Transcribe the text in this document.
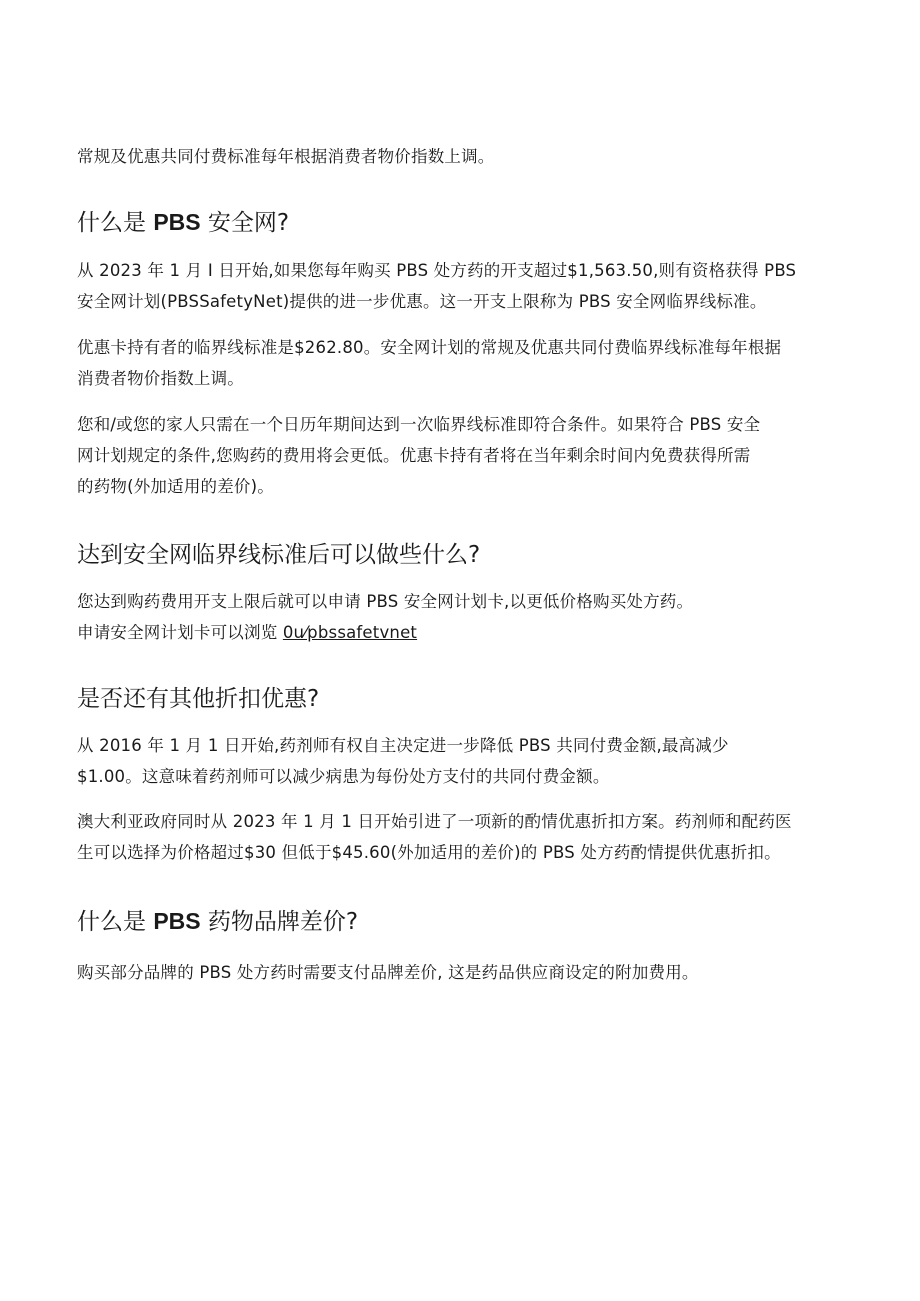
常规及优惠共同付费标准每年根据消费者物价指数上调。

什么是 PBS 安全网?

从 2023 年 1 月 I 日开始,如果您每年购买 PBS 处方药的开支超过$1,563.50,则有资格获得 PBS
安全网计划(PBSSafetyNet)提供的进一步优惠。这一开支上限称为 PBS 安全网临界线标准。

优惠卡持有者的临界线标准是$262.80。安全网计划的常规及优惠共同付费临界线标准每年根据
消费者物价指数上调。

您和/或您的家人只需在一个日历年期间达到一次临界线标准即符合条件。如果符合 PBS 安全
网计划规定的条件,您购药的费用将会更低。优惠卡持有者将在当年剩余时间内免费获得所需
的药物(外加适用的差价)。

达到安全网临界线标准后可以做些什么?

您达到购药费用开支上限后就可以申请 PBS 安全网计划卡,以更低价格购买处方药。
申请安全网计划卡可以浏览 0u⁄pbssafetvnet

是否还有其他折扣优惠?

从 2016 年 1 月 1 日开始,药剂师有权自主决定进一步降低 PBS 共同付费金额,最高减少
$1.00。这意味着药剂师可以减少病患为每份处方支付的共同付费金额。

澳大利亚政府同时从 2023 年 1 月 1 日开始引进了一项新的酌情优惠折扣方案。药剂师和配药医
生可以选择为价格超过$30 但低于$45.60(外加适用的差价)的 PBS 处方药酌情提供优惠折扣。

什么是 PBS 药物品牌差价?

购买部分品牌的 PBS 处方药时需要支付品牌差价, 这是药品供应商设定的附加费用。
